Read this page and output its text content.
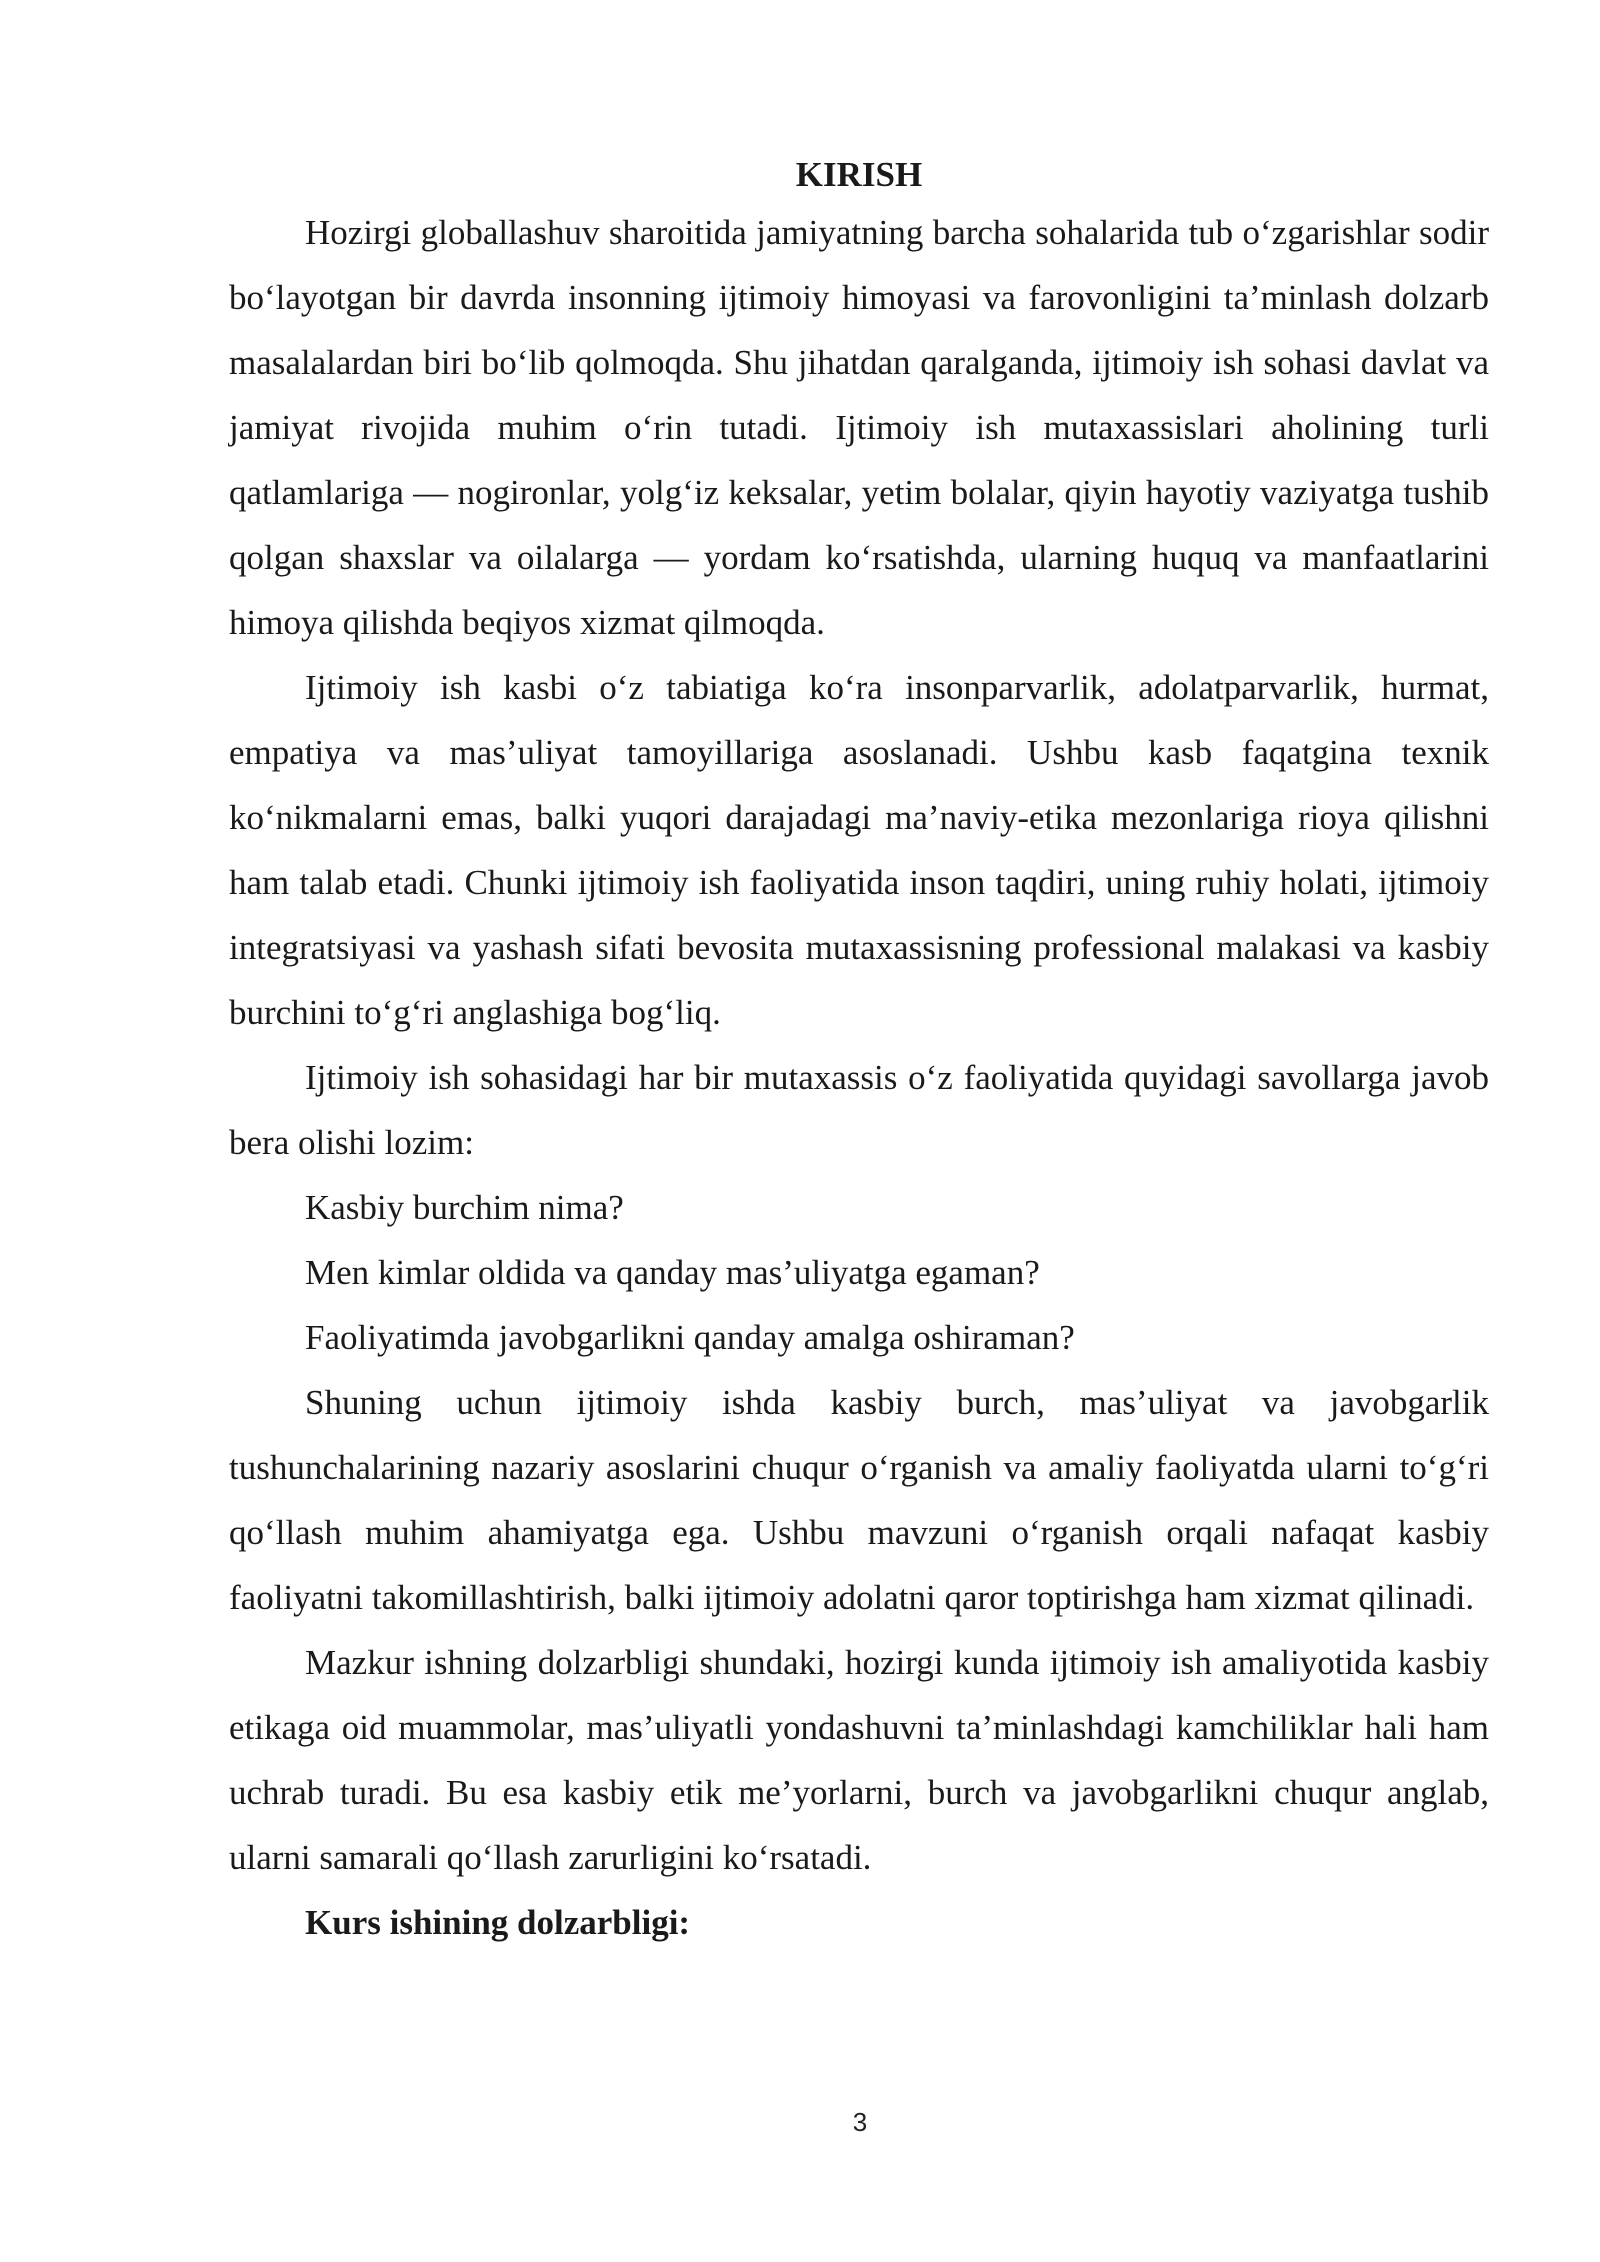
KIRISH

Hozirgi globallashuv sharoitida jamiyatning barcha sohalarida tub o‘zgarishlar sodir bo‘layotgan bir davrda insonning ijtimoiy himoyasi va farovonligini ta’minlash dolzarb masalalardan biri bo‘lib qolmoqda. Shu jihatdan qaralganda, ijtimoiy ish sohasi davlat va jamiyat rivojida muhim o‘rin tutadi. Ijtimoiy ish mutaxassislari aholining turli qatlamlariga — nogironlar, yolg‘iz keksalar, yetim bolalar, qiyin hayotiy vaziyatga tushib qolgan shaxslar va oilalarga — yordam ko‘rsatishda, ularning huquq va manfaatlarini himoya qilishda beqiyos xizmat qilmoqda.

Ijtimoiy ish kasbi o‘z tabiatiga ko‘ra insonparvarlik, adolatparvarlik, hurmat, empatiya va mas’uliyat tamoyillariga asoslanadi. Ushbu kasb faqatgina texnik ko‘nikmalarni emas, balki yuqori darajadagi ma’naviy-etika mezonlariga rioya qilishni ham talab etadi. Chunki ijtimoiy ish faoliyatida inson taqdiri, uning ruhiy holati, ijtimoiy integratsiyasi va yashash sifati bevosita mutaxassisning professional malakasi va kasbiy burchini to‘g‘ri anglashiga bog‘liq.

Ijtimoiy ish sohasidagi har bir mutaxassis o‘z faoliyatida quyidagi savollarga javob bera olishi lozim:

Kasbiy burchim nima?

Men kimlar oldida va qanday mas’uliyatga egaman?

Faoliyatimda javobgarlikni qanday amalga oshiraman?

Shuning uchun ijtimoiy ishda kasbiy burch, mas’uliyat va javobgarlik tushunchalarining nazariy asoslarini chuqur o‘rganish va amaliy faoliyatda ularni to‘g‘ri qo‘llash muhim ahamiyatga ega. Ushbu mavzuni o‘rganish orqali nafaqat kasbiy faoliyatni takomillashtirish, balki ijtimoiy adolatni qaror toptirishga ham xizmat qilinadi.

Mazkur ishning dolzarbligi shundaki, hozirgi kunda ijtimoiy ish amaliyotida kasbiy etikaga oid muammolar, mas’uliyatli yondashuvni ta’minlashdagi kamchiliklar hali ham uchrab turadi. Bu esa kasbiy etik me’yorlarni, burch va javobgarlikni chuqur anglab, ularni samarali qo‘llash zarurligini ko‘rsatadi.

Kurs ishining dolzarbligi:

3
